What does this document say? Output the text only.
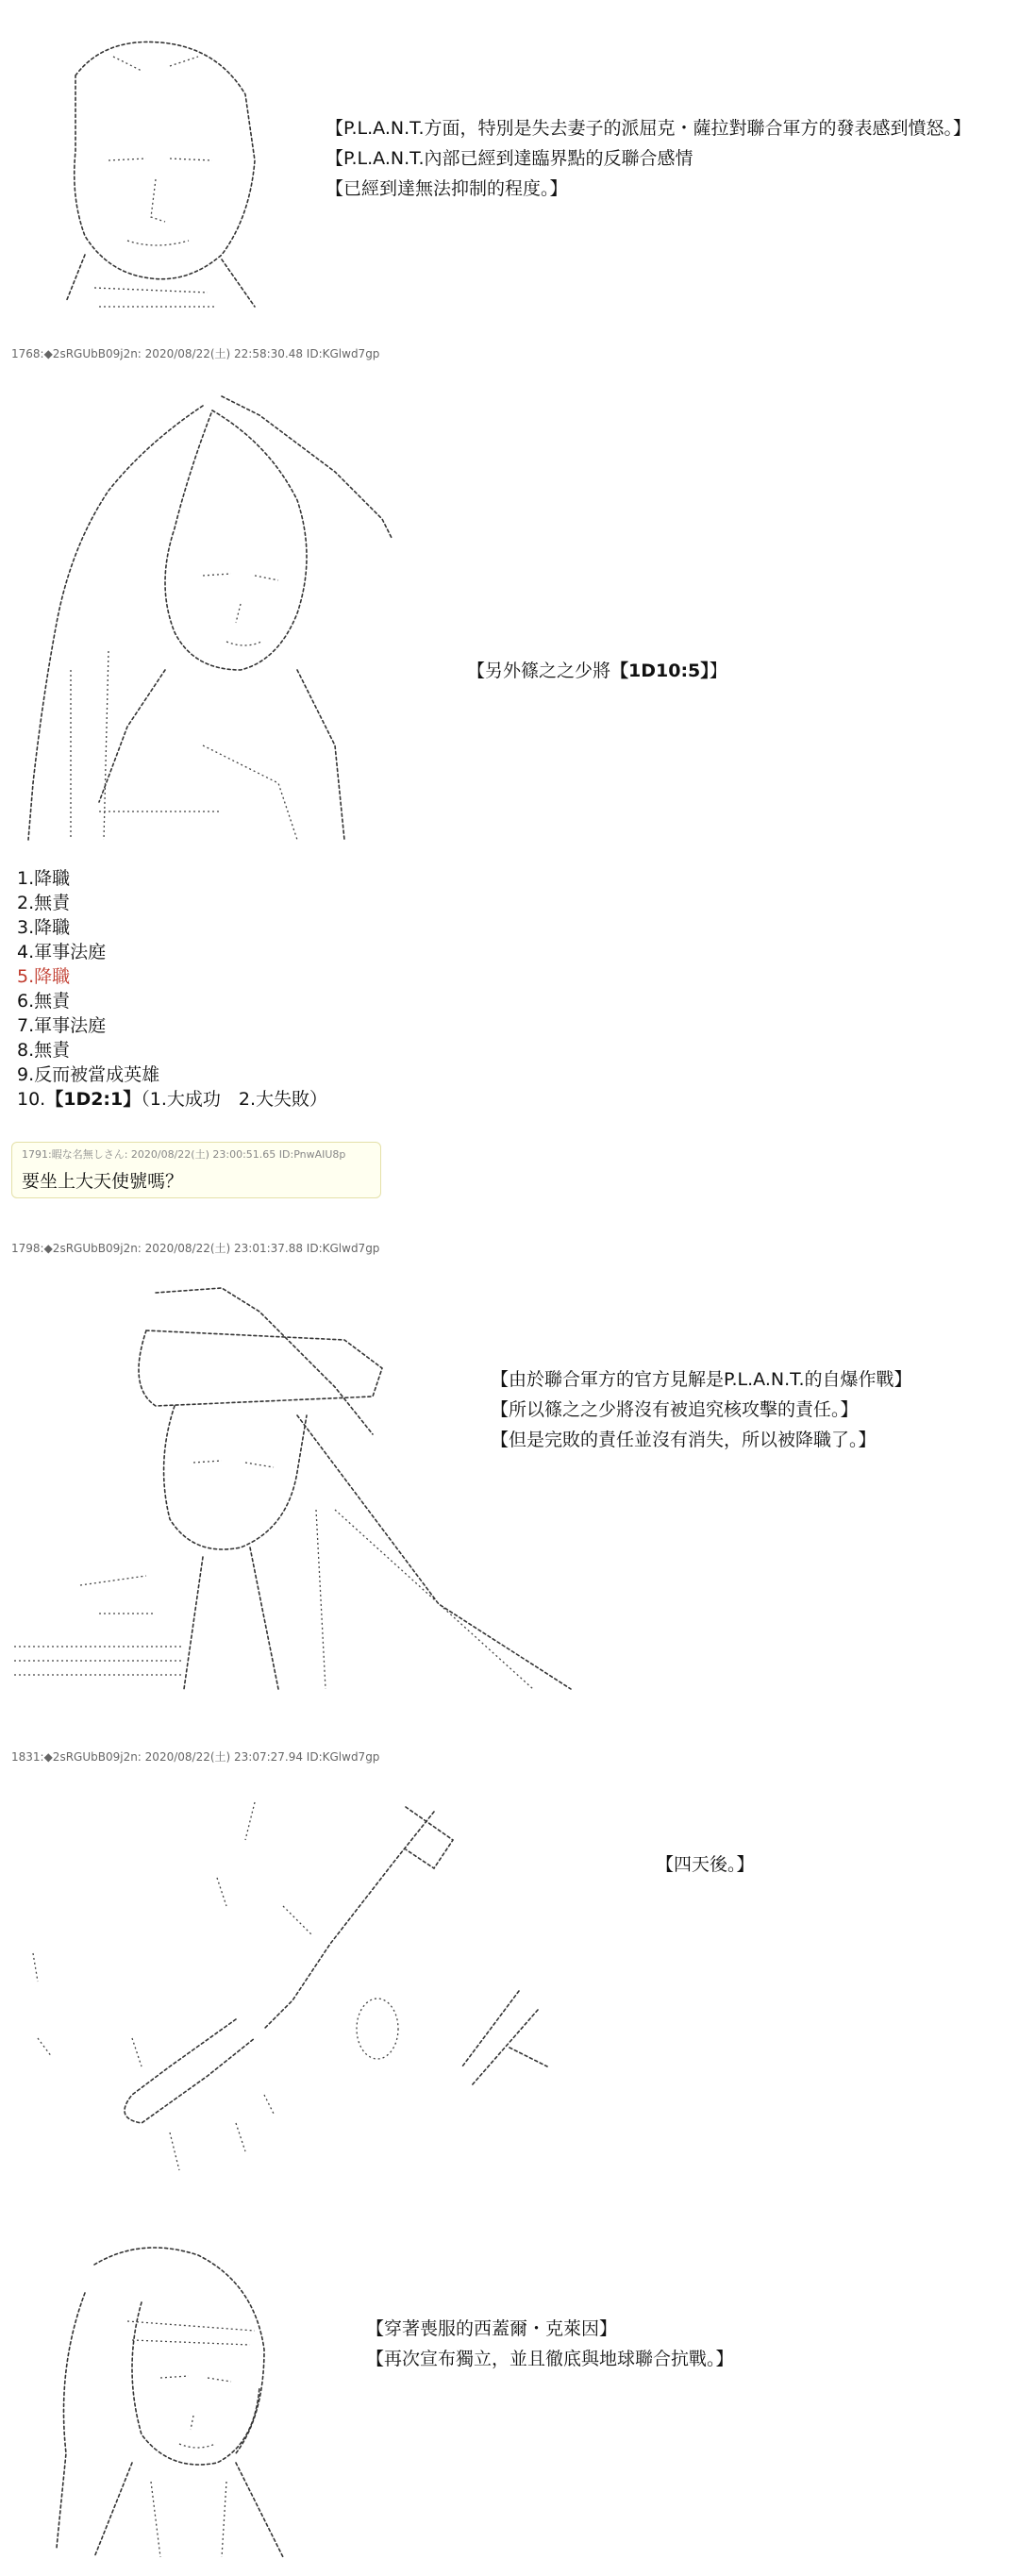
【P.L.A.N.T.方面，特別是失去妻子的派屈克・薩拉對聯合軍方的發表感到憤怒。】
【P.L.A.N.T.內部已經到達臨界點的反聯合感情
【已經到達無法抑制的程度。】
1768:◆2sRGUbB09j2n: 2020/08/22(土) 22:58:30.48 ID:KGlwd7gp
【另外篠之之少將【1D10:5】】
1.降職
2.無責
3.降職
4.軍事法庭
5.降職
6.無責
7.軍事法庭
8.無責
9.反而被當成英雄
10.【1D2:1】（1.大成功　2.大失敗）
1791:暇な名無しさん: 2020/08/22(土) 23:00:51.65 ID:PnwAIU8p
要坐上大天使號嗎？
1798:◆2sRGUbB09j2n: 2020/08/22(土) 23:01:37.88 ID:KGlwd7gp
【由於聯合軍方的官方見解是P.L.A.N.T.的自爆作戰】
【所以篠之之少將沒有被追究核攻擊的責任。】
【但是完敗的責任並沒有消失，所以被降職了。】
1831:◆2sRGUbB09j2n: 2020/08/22(土) 23:07:27.94 ID:KGlwd7gp
【四天後。】
【穿著喪服的西蓋爾・克萊因】
【再次宣布獨立，並且徹底與地球聯合抗戰。】
